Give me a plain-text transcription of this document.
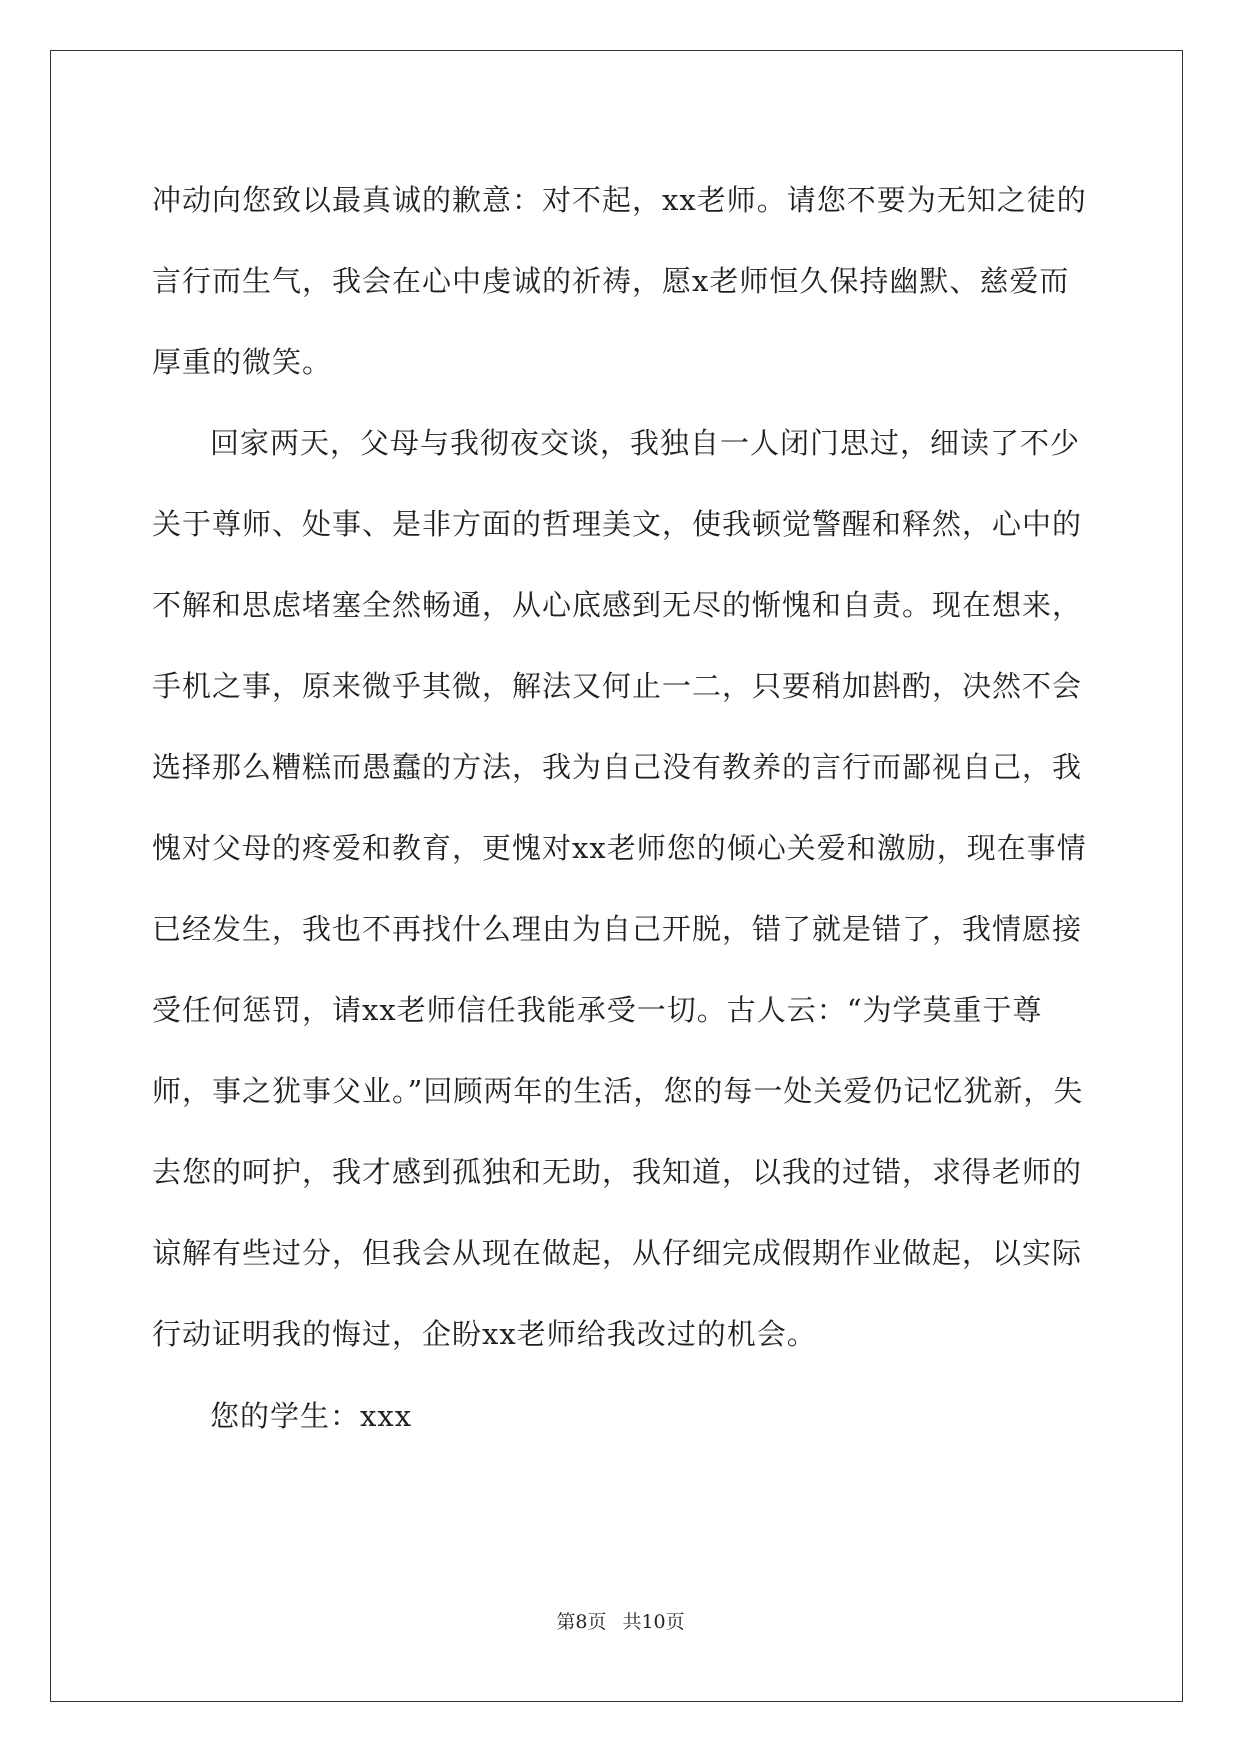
冲动向您致以最真诚的歉意：对不起，xx老师。请您不要为无知之徒的言行而生气，我会在心中虔诚的祈祷，愿x老师恒久保持幽默、慈爱而厚重的微笑。

回家两天，父母与我彻夜交谈，我独自一人闭门思过，细读了不少关于尊师、处事、是非方面的哲理美文，使我顿觉警醒和释然，心中的不解和思虑堵塞全然畅通，从心底感到无尽的惭愧和自责。现在想来，手机之事，原来微乎其微，解法又何止一二，只要稍加斟酌，决然不会选择那么糟糕而愚蠢的方法，我为自己没有教养的言行而鄙视自己，我愧对父母的疼爱和教育，更愧对xx老师您的倾心关爱和激励，现在事情已经发生，我也不再找什么理由为自己开脱，错了就是错了，我情愿接受任何惩罚，请xx老师信任我能承受一切。古人云：“为学莫重于尊师，事之犹事父业。”回顾两年的生活，您的每一处关爱仍记忆犹新，失去您的呵护，我才感到孤独和无助，我知道，以我的过错，求得老师的谅解有些过分，但我会从现在做起，从仔细完成假期作业做起，以实际行动证明我的悔过，企盼xx老师给我改过的机会。

您的学生：xxx

第8页 共10页
